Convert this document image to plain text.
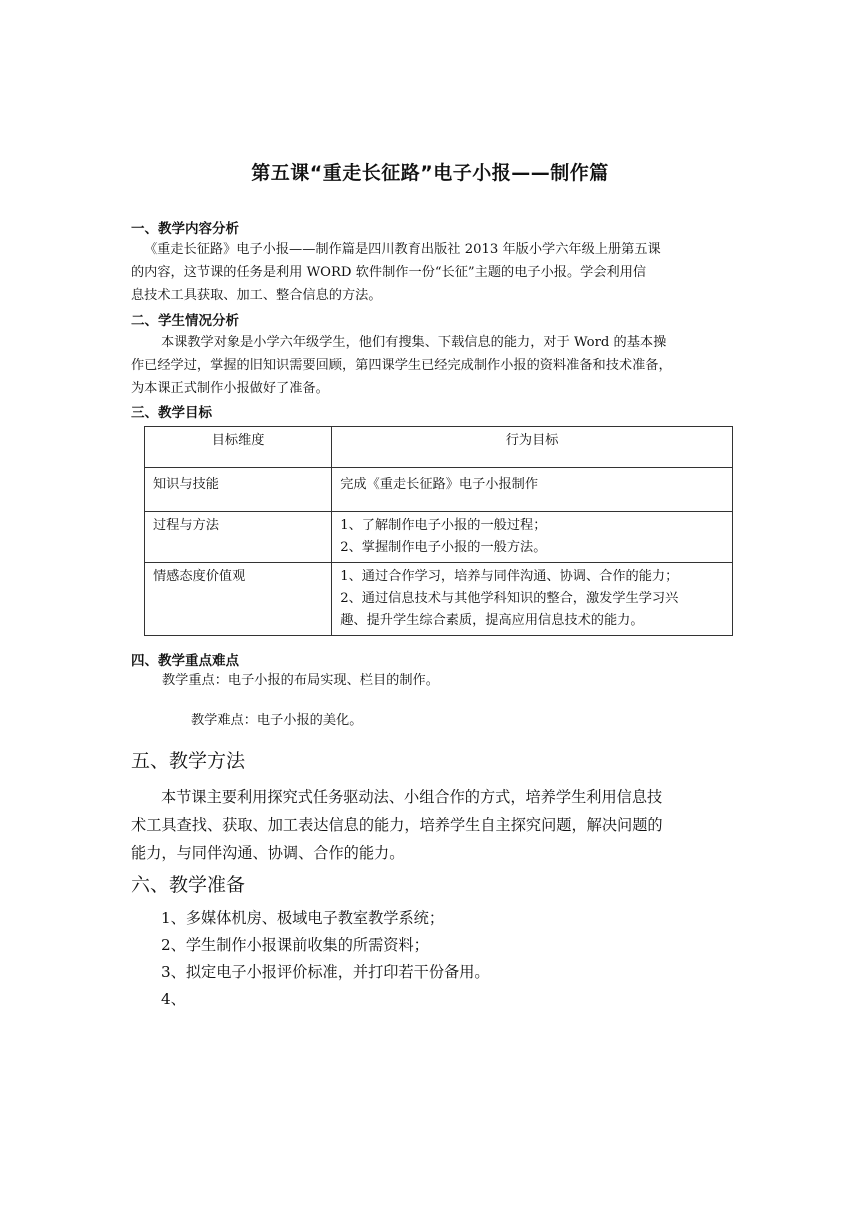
第五课“重走长征路”电子小报——制作篇
一、教学内容分析
《重走长征路》电子小报——制作篇是四川教育出版社 2013 年版小学六年级上册第五课
的内容，这节课的任务是利用 WORD 软件制作一份“长征”主题的电子小报。学会利用信
息技术工具获取、加工、整合信息的方法。
二、学生情况分析
本课教学对象是小学六年级学生，他们有搜集、下载信息的能力，对于 Word 的基本操
作已经学过，掌握的旧知识需要回顾，第四课学生已经完成制作小报的资料准备和技术准备，
为本课正式制作小报做好了准备。
三、教学目标
目标维度	行为目标
知识与技能	完成《重走长征路》电子小报制作

过程与方法	1、了解制作电子小报的一般过程；
2、掌握制作电子小报的一般方法。

情感态度价值观	1、通过合作学习，培养与同伴沟通、协调、合作的能力；
2、通过信息技术与其他学科知识的整合，激发学生学习兴
趣、提升学生综合素质，提高应用信息技术的能力。
四、教学重点难点
教学重点：电子小报的布局实现、栏目的制作。
教学难点：电子小报的美化。
五、教学方法
本节课主要利用探究式任务驱动法、小组合作的方式，培养学生利用信息技
术工具查找、获取、加工表达信息的能力，培养学生自主探究问题，解决问题的
能力，与同伴沟通、协调、合作的能力。
六、教学准备
1、多媒体机房、极域电子教室教学系统；
2、学生制作小报课前收集的所需资料；
3、拟定电子小报评价标准，并打印若干份备用。
4、
